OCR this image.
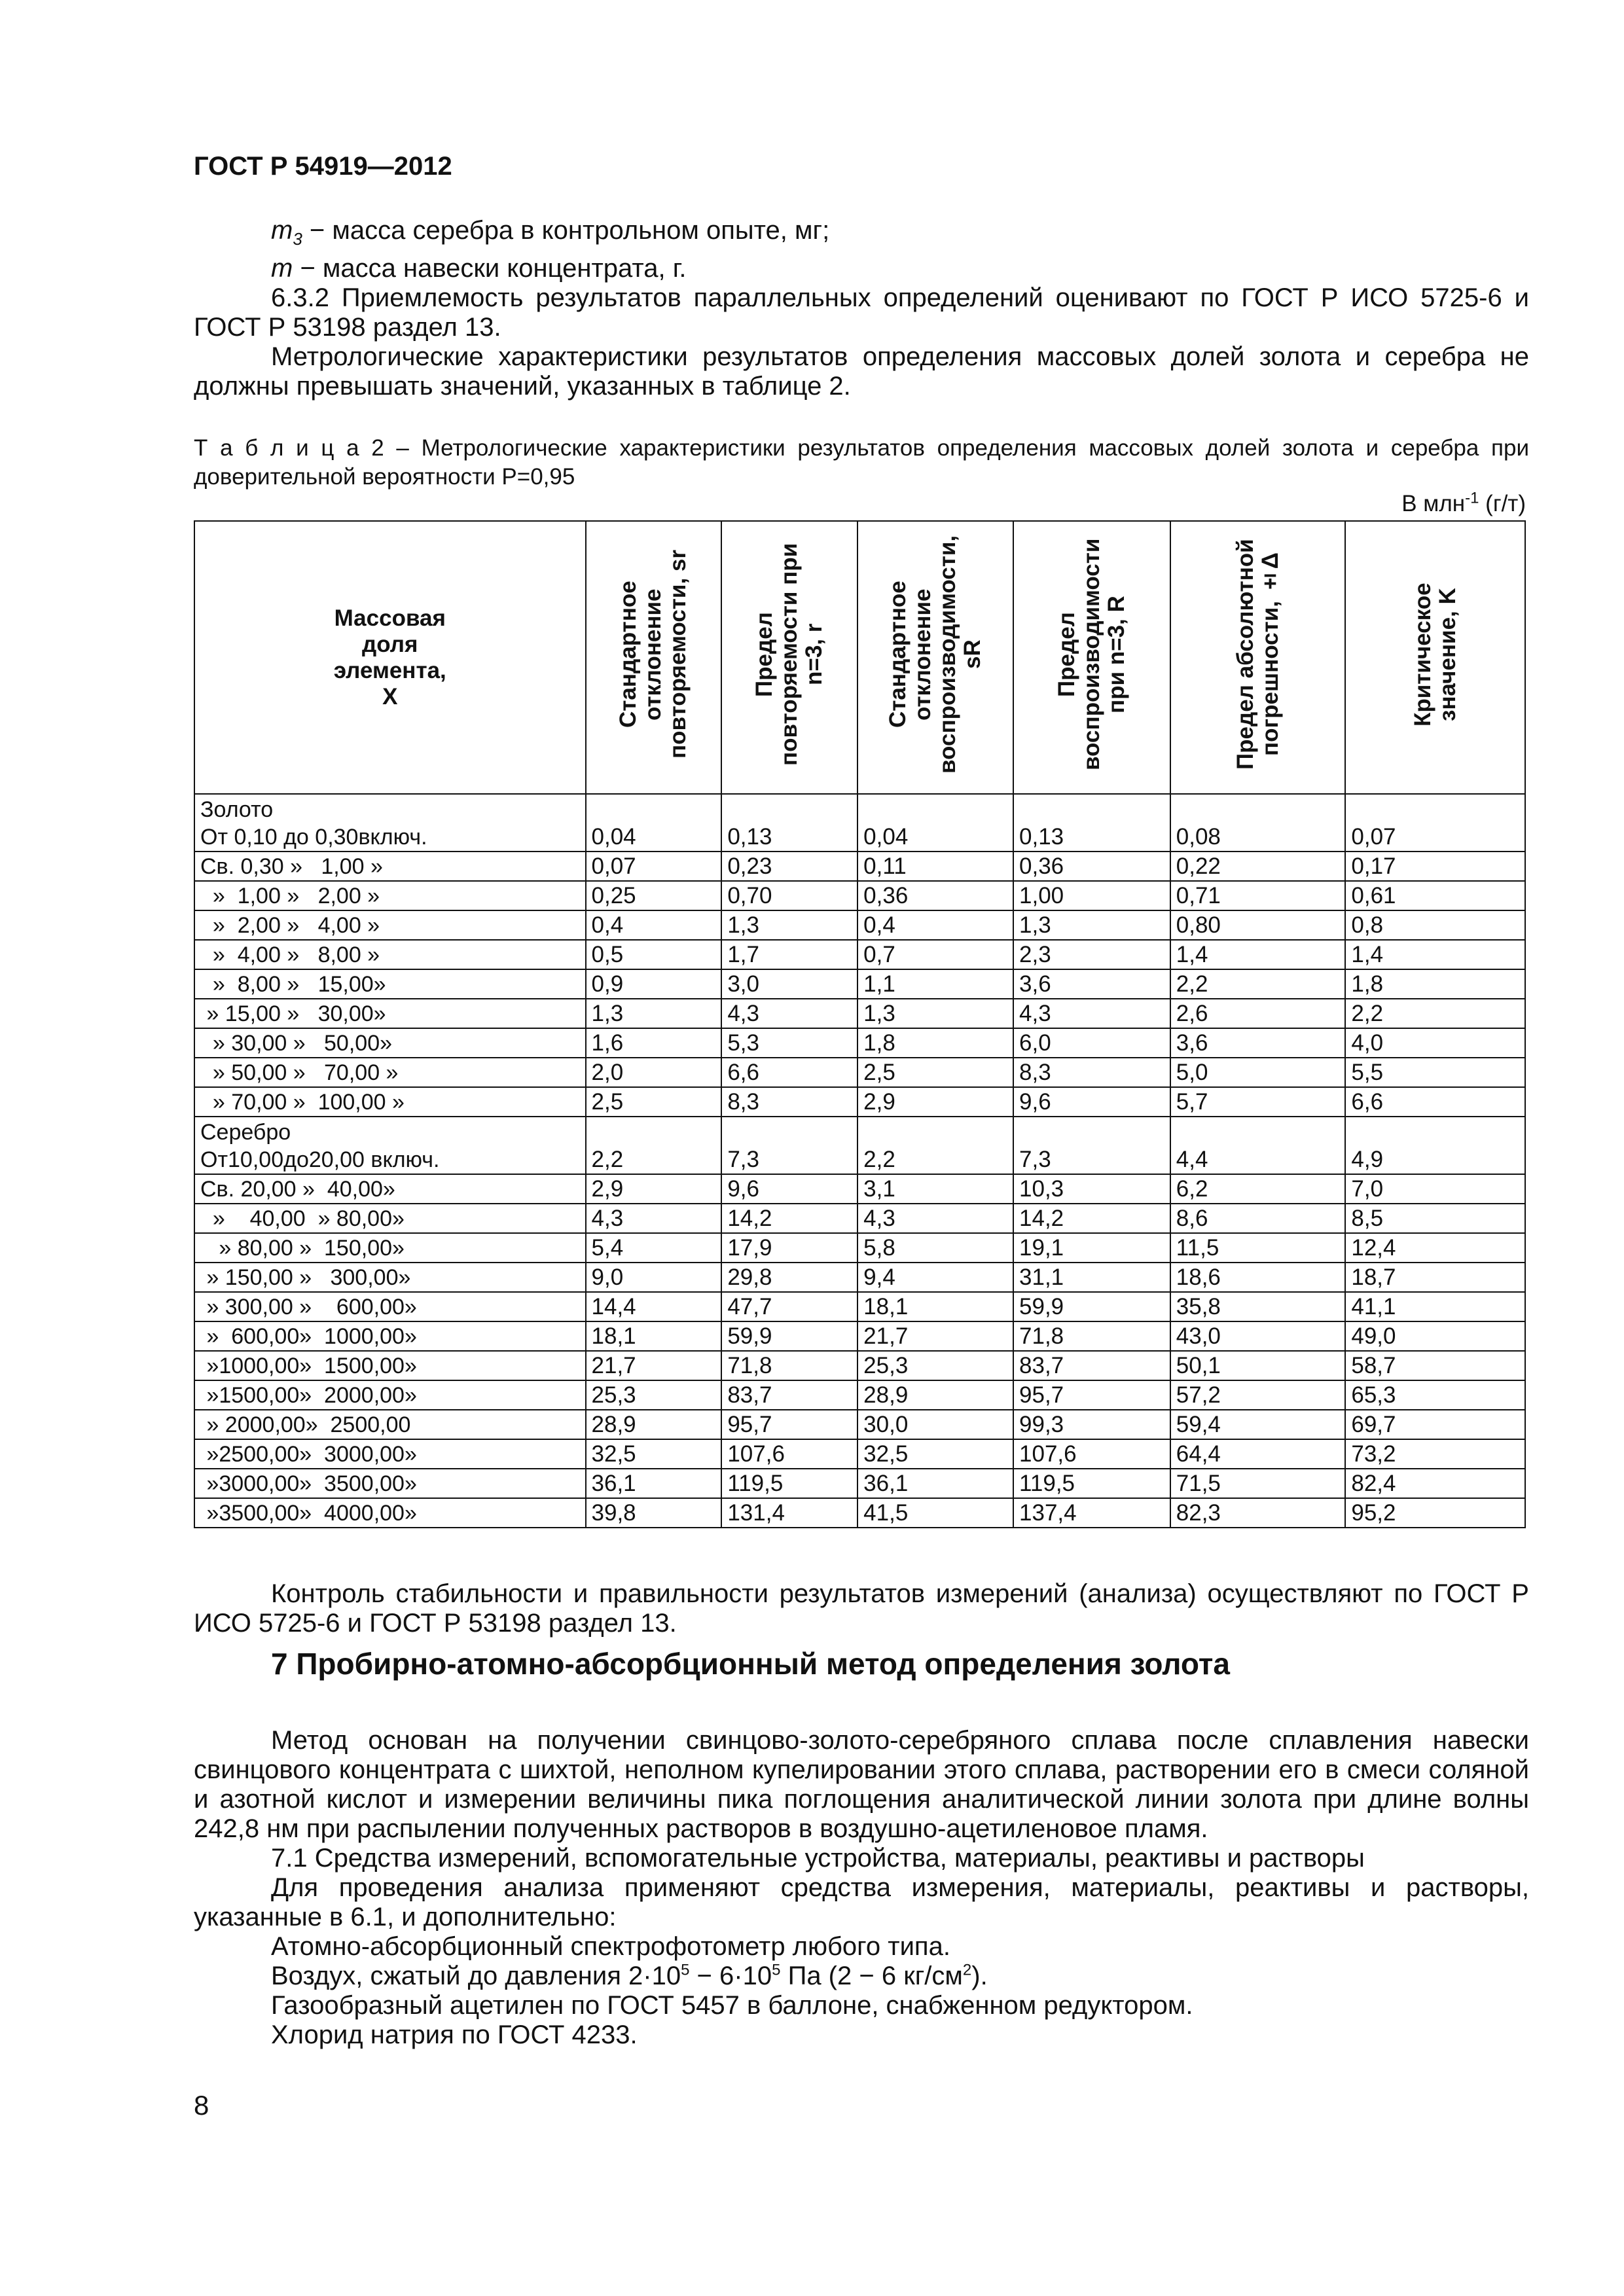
ГОСТ Р 54919—2012

$m_3$ − масса серебра в контрольном опыте, мг;

m − масса навески концентрата, г.

6.3.2 Приемлемость результатов параллельных определений оценивают по ГОСТ Р ИСО 5725-6 и ГОСТ Р 53198 раздел 13.

Метрологические характеристики результатов определения массовых долей золота и серебра не должны превышать значений, указанных в таблице 2.

Т а б л и ц а 2 – Метрологические характеристики результатов определения массовых долей золота и серебра при доверительной вероятности Р=0,95
В млн$^{-1}$ (г/т)
Массовая доля элемента, X	Стандартное отклонение повторяемости, sr	Предел повторяемости при n=3, r	Стандартное отклонение воспроизводимости, sR	Предел воспроизводимости при n=3, R	Предел абсолютной погрешности, ±Δ	Критическое значение, K

Золото
От 0,10 до 0,30включ.	0,04	0,13	0,04	0,13	0,08	0,07

Св. 0,30 »   1,00 »	0,07	0,23	0,11	0,36	0,22	0,17

»  1,00 »   2,00 »	0,25	0,70	0,36	1,00	0,71	0,61

»  2,00 »   4,00 »	0,4	1,3	0,4	1,3	0,80	0,8

»  4,00 »   8,00 »	0,5	1,7	0,7	2,3	1,4	1,4

»  8,00 »   15,00»	0,9	3,0	1,1	3,6	2,2	1,8

» 15,00 »   30,00»	1,3	4,3	1,3	4,3	2,6	2,2

» 30,00 »   50,00»	1,6	5,3	1,8	6,0	3,6	4,0

» 50,00 »   70,00 »	2,0	6,6	2,5	8,3	5,0	5,5

» 70,00 »  100,00 »	2,5	8,3	2,9	9,6	5,7	6,6

Серебро
От10,00до20,00 включ.	2,2	7,3	2,2	7,3	4,4	4,9

Св. 20,00 »  40,00»	2,9	9,6	3,1	10,3	6,2	7,0

»    40,00  » 80,00»	4,3	14,2	4,3	14,2	8,6	8,5

» 80,00 »  150,00»	5,4	17,9	5,8	19,1	11,5	12,4

» 150,00 »   300,00»	9,0	29,8	9,4	31,1	18,6	18,7

» 300,00 »    600,00»	14,4	47,7	18,1	59,9	35,8	41,1

»  600,00»  1000,00»	18,1	59,9	21,7	71,8	43,0	49,0

»1000,00»  1500,00»	21,7	71,8	25,3	83,7	50,1	58,7

»1500,00»  2000,00»	25,3	83,7	28,9	95,7	57,2	65,3

» 2000,00»  2500,00	28,9	95,7	30,0	99,3	59,4	69,7

»2500,00»  3000,00»	32,5	107,6	32,5	107,6	64,4	73,2

»3000,00»  3500,00»	36,1	119,5	36,1	119,5	71,5	82,4

»3500,00»  4000,00»	39,8	131,4	41,5	137,4	82,3	95,2
Контроль стабильности и правильности результатов измерений (анализа) осуществляют по ГОСТ Р ИСО 5725-6 и ГОСТ Р 53198 раздел 13.
7 Пробирно-атомно-абсорбционный метод определения золота

Метод основан на получении свинцово-золото-серебряного сплава после сплавления навески свинцового концентрата с шихтой, неполном купелировании этого сплава, растворении его в смеси соляной и азотной кислот и измерении величины пика поглощения аналитической линии золота при длине волны 242,8 нм при распылении полученных растворов в воздушно-ацетиленовое пламя.

7.1 Средства измерений, вспомогательные устройства, материалы, реактивы и растворы

Для проведения анализа применяют средства измерения, материалы, реактивы и растворы, указанные в 6.1, и дополнительно:

Атомно-абсорбционный спектрофотометр любого типа.

Воздух, сжатый до давления $2\cdot 10^5 - 6\cdot 10^5$ Па (2 − 6 $кг/см^2$).

Газообразный ацетилен по ГОСТ 5457 в баллоне, снабженном редуктором.

Хлорид натрия по ГОСТ 4233.

8
